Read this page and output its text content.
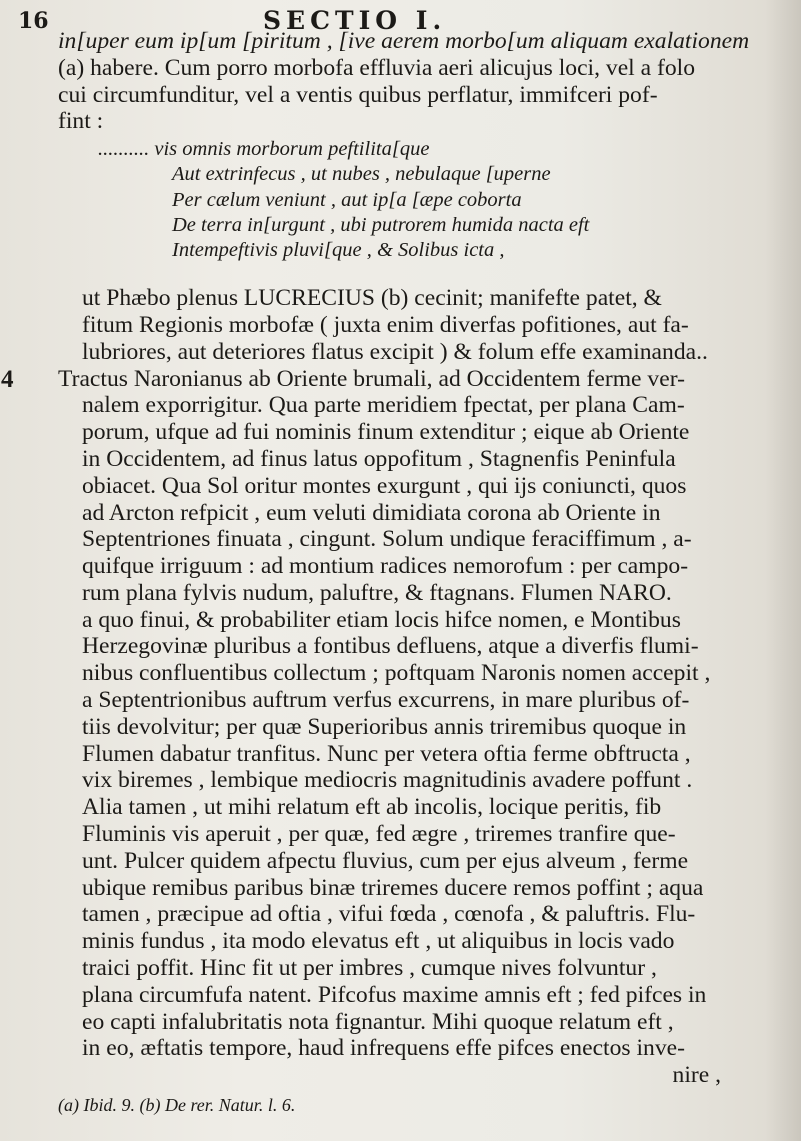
16	SECTIO I.
in[uper eum ip[um [piritum , [ive aerem morbo[um aliquam exalationem
(a) habere. Cum porro morbofa effluvia aeri alicujus loci, vel a folo
cui circumfunditur, vel a ventis quibus perflatur, immifceri pof-
fint :
.......... vis omnis morborum peftilita[que
Aut extrinfecus , ut nubes , nebulaque [uperne
Per cælum veniunt , aut ip[a [æpe coborta
De terra in[urgunt , ubi putrorem humida nacta eft
Intempeftivis pluvi[que , & Solibus icta ,
ut Phæbo plenus LUCRECIUS (b) cecinit; manifefte patet, &
fitum Regionis morbofæ ( juxta enim diverfas pofitiones, aut fa-
lubriores, aut deteriores flatus excipit ) & folum effe examinanda..
4 Tractus Naronianus ab Oriente brumali, ad Occidentem ferme ver-
nalem exporrigitur. Qua parte meridiem fpectat, per plana Cam-
porum, ufque ad fui nominis finum extenditur ; eique ab Oriente
in Occidentem, ad finus latus oppofitum , Stagnenfis Peninfula
obiacet. Qua Sol oritur montes exurgunt , qui ijs coniuncti, quos
ad Arcton refpicit , eum veluti dimidiata corona ab Oriente in
Septentriones finuata , cingunt. Solum undique feraciffimum , a-
quifque irriguum : ad montium radices nemorofum : per campo-
rum plana fylvis nudum, paluftre, & ftagnans. Flumen NARO.
a quo finui, & probabiliter etiam locis hifce nomen, e Montibus
Herzegovinæ pluribus a fontibus defluens, atque a diverfis flumi-
nibus confluentibus collectum ; poftquam Naronis nomen accepit ,
a Septentrionibus auftrum verfus excurrens, in mare pluribus of-
tiis devolvitur; per quæ Superioribus annis triremibus quoque in
Flumen dabatur tranfitus. Nunc per vetera oftia ferme obftructa ,
vix biremes , lembique mediocris magnitudinis avadere poffunt .
Alia tamen , ut mihi relatum eft ab incolis, locique peritis, fib
Fluminis vis aperuit , per quæ, fed ægre , triremes tranfire que-
unt. Pulcer quidem afpectu fluvius, cum per ejus alveum , ferme
ubique remibus paribus binæ triremes ducere remos poffint ; aqua
tamen , præcipue ad oftia , vifui fœda , cœnofa , & paluftris. Flu-
minis fundus , ita modo elevatus eft , ut aliquibus in locis vado
traici poffit. Hinc fit ut per imbres , cumque nives folvuntur ,
plana circumfufa natent. Pifcofus maxime amnis eft ; fed pifces in
eo capti infalubritatis nota fignantur. Mihi quoque relatum eft ,
in eo, æftatis tempore, haud infrequens effe pifces enectos inve-
nire ,
(a) Ibid. 9. (b) De rer. Natur. l. 6.
